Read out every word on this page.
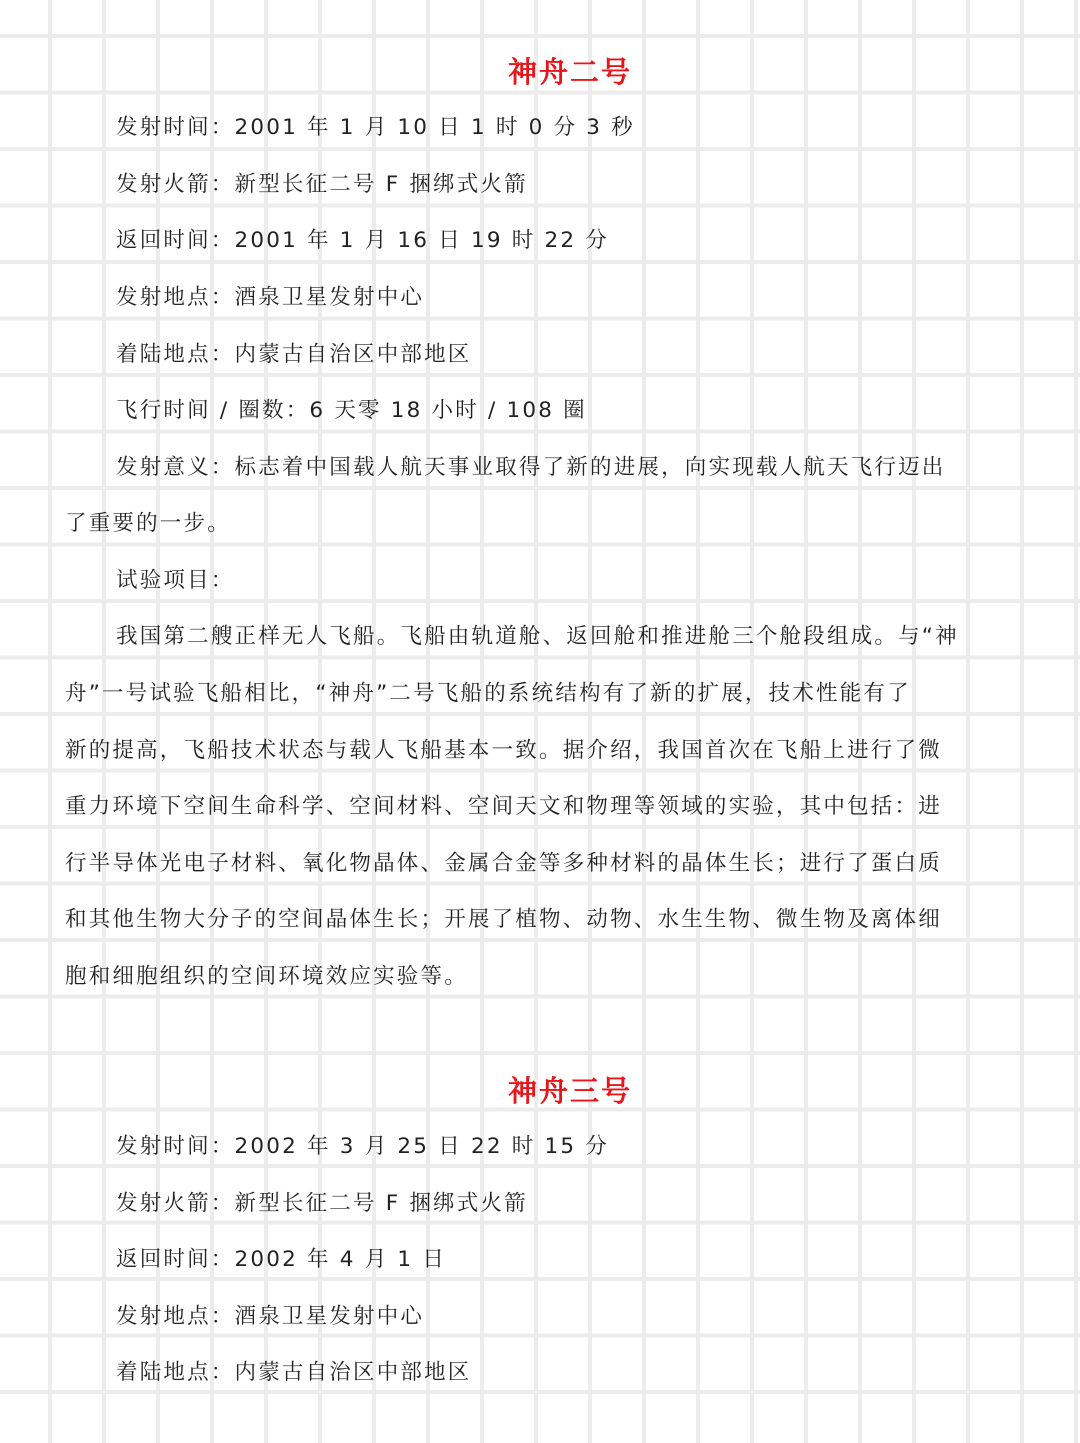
神舟二号
发射时间：2001 年 1 月 10 日 1 时 0 分 3 秒
发射火箭：新型长征二号 F 捆绑式火箭
返回时间：2001 年 1 月 16 日 19 时 22 分
发射地点：酒泉卫星发射中心
着陆地点：内蒙古自治区中部地区
飞行时间 / 圈数：6 天零 18 小时 / 108 圈
发射意义：标志着中国载人航天事业取得了新的进展，向实现载人航天飞行迈出
了重要的一步。
试验项目：
我国第二艘正样无人飞船。飞船由轨道舱、返回舱和推进舱三个舱段组成。与“神
舟”一号试验飞船相比，“神舟”二号飞船的系统结构有了新的扩展，技术性能有了
新的提高，飞船技术状态与载人飞船基本一致。据介绍，我国首次在飞船上进行了微
重力环境下空间生命科学、空间材料、空间天文和物理等领域的实验，其中包括：进
行半导体光电子材料、氧化物晶体、金属合金等多种材料的晶体生长；进行了蛋白质
和其他生物大分子的空间晶体生长；开展了植物、动物、水生生物、微生物及离体细
胞和细胞组织的空间环境效应实验等。
神舟三号
发射时间：2002 年 3 月 25 日 22 时 15 分
发射火箭：新型长征二号 F 捆绑式火箭
返回时间：2002 年 4 月 1 日
发射地点：酒泉卫星发射中心
着陆地点：内蒙古自治区中部地区
